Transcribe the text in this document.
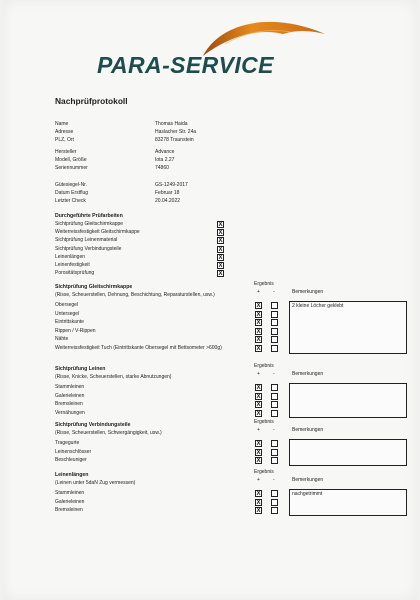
PARA-SERVICE
Nachprüfprotokoll
Name	Thomas Haida
Adresse	Haslacher Str. 24a
PLZ, Ort	83278 Traunstein
Hersteller	Advance
Modell, Größe	Iota 2.27
Seriennummer	74860
Gütesiegel-Nr.	GS-1249-2017
Datum Erstflug	Februar 18
Letzter Check	20.04.2022
Durchgeführte Prüfarbeiten
Sichtprüfung Gleitschirmkappe	X
Weiterreissfestigkeit Gleitschirmkappe	X
Sichtprüfung Leinenmaterial	X
Sichtprüfung Verbindungsteile	X
Leinenlängen	X
Leinenfestigkeit	X
Porositätsprüfung	X
Sichtprüfung Gleitschirmkappe
(Risse, Scheuerstellen, Dehnung, Beschichtung, Reparaturstellen, usw.)
Ergebnis
+	-	Bemerkungen
Obersegel	X
Untersegel	X
Eintrittskante	X
Rippen / V-Rippen	X
Nähte	X
Weiterreissfestigkeit Tuch (Eintrittskante Obersegel mit Bettsometer >600g)	X
2 kleine Löcher geklebt
Sichtprüfung Leinen
(Risse, Knicke, Scheuerstellen, starke Abnutzungen)
Ergebnis
+	-	Bemerkungen
Stammleinen	X
Galerieleinen	X
Bremsleinen	X
Vernähungen	X
Sichtprüfung Verbindungsteile
(Risse, Scheuerstellen, Schwergängigkeit, usw.)
Ergebnis
+	-	Bemerkungen
Tragegurte	X
Leinenschlösser	X
Beschleuniger	X
Leinenlängen
(Leinen unter 5daN Zug vermessen)
Ergebnis
+	-	Bemerkungen
Stammleinen	X
Galerieleinen	X
Bremsleinen	X
nachgetrimmt
